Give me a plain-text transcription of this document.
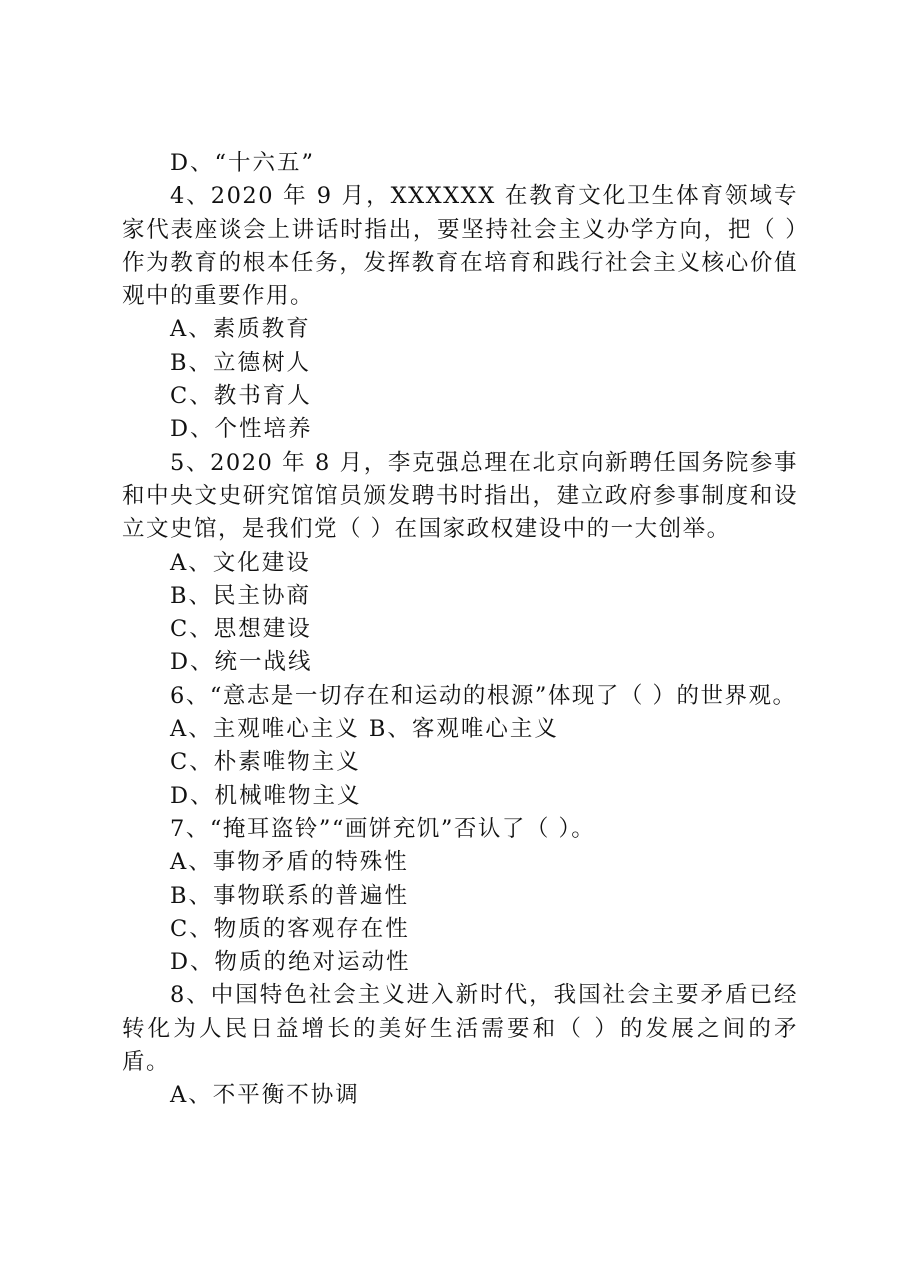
D、“十六五”
4、2020 年 9 月，XXXXXX 在教育文化卫生体育领域专家代表座谈会上讲话时指出，要坚持社会主义办学方向，把（ ）作为教育的根本任务，发挥教育在培育和践行社会主义核心价值观中的重要作用。
A、素质教育
B、立德树人
C、教书育人
D、个性培养
5、2020 年 8 月，李克强总理在北京向新聘任国务院参事和中央文史研究馆馆员颁发聘书时指出，建立政府参事制度和设立文史馆，是我们党（ ）在国家政权建设中的一大创举。
A、文化建设
B、民主协商
C、思想建设
D、统一战线
6、“意志是一切存在和运动的根源”体现了（ ）的世界观。
A、主观唯心主义 B、客观唯心主义
C、朴素唯物主义
D、机械唯物主义
7、“掩耳盗铃”“画饼充饥”否认了（ ）。
A、事物矛盾的特殊性
B、事物联系的普遍性
C、物质的客观存在性
D、物质的绝对运动性
8、中国特色社会主义进入新时代，我国社会主要矛盾已经转化为人民日益增长的美好生活需要和（ ）的发展之间的矛盾。
A、不平衡不协调
